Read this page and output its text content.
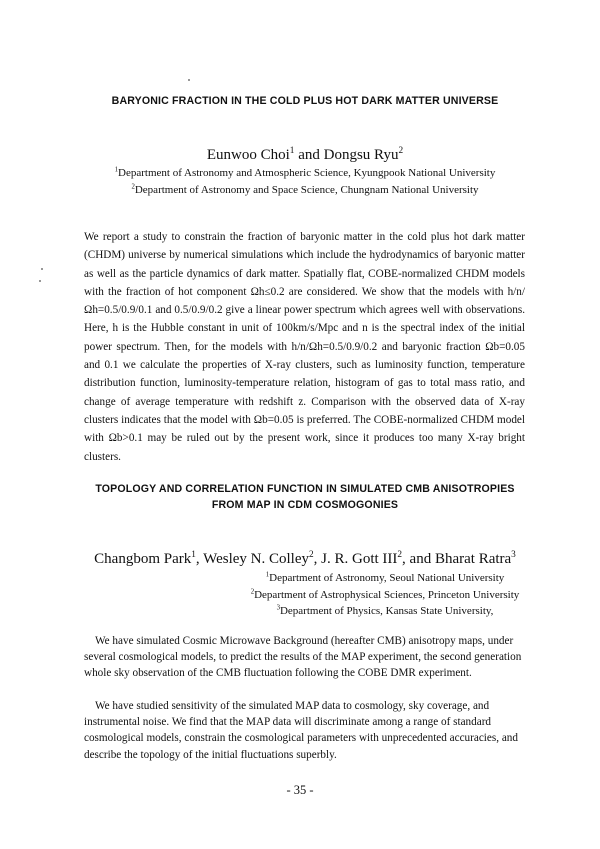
BARYONIC FRACTION IN THE COLD PLUS HOT DARK MATTER UNIVERSE
Eunwoo Choi$^1$ and Dongsu Ryu$^2$
$^1$Department of Astronomy and Atmospheric Science, Kyungpook National University
$^2$Department of Astronomy and Space Science, Chungnam National University
We report a study to constrain the fraction of baryonic matter in the cold plus hot dark matter (CHDM) universe by numerical simulations which include the hydrodynamics of baryonic matter as well as the particle dynamics of dark matter. Spatially flat, COBE-normalized CHDM models with the fraction of hot component Ωh≤0.2 are considered. We show that the models with h/n/Ωh=0.5/0.9/0.1 and 0.5/0.9/0.2 give a linear power spectrum which agrees well with observations. Here, h is the Hubble constant in unit of 100km/s/Mpc and n is the spectral index of the initial power spectrum. Then, for the models with h/n/Ωh=0.5/0.9/0.2 and baryonic fraction Ωb=0.05 and 0.1 we calculate the properties of X-ray clusters, such as luminosity function, temperature distribution function, luminosity-temperature relation, histogram of gas to total mass ratio, and change of average temperature with redshift z. Comparison with the observed data of X-ray clusters indicates that the model with Ωb=0.05 is preferred. The COBE-normalized CHDM model with Ωb>0.1 may be ruled out by the present work, since it produces too many X-ray bright clusters.
TOPOLOGY AND CORRELATION FUNCTION IN SIMULATED CMB ANISOTROPIES
FROM MAP IN CDM COSMOGONIES
Changbom Park$^1$, Wesley N. Colley$^2$, J. R. Gott III$^2$, and Bharat Ratra$^3$
$^1$Department of Astronomy, Seoul National University
$^2$Department of Astrophysical Sciences, Princeton University
$^3$Department of Physics, Kansas State University,
We have simulated Cosmic Microwave Background (hereafter CMB) anisotropy maps, under several cosmological models, to predict the results of the MAP experiment, the second generation whole sky observation of the CMB fluctuation following the COBE DMR experiment.
We have studied sensitivity of the simulated MAP data to cosmology, sky coverage, and instrumental noise. We find that the MAP data will discriminate among a range of standard cosmological models, constrain the cosmological parameters with unprecedented accuracies, and describe the topology of the initial fluctuations superbly.
- 35 -
